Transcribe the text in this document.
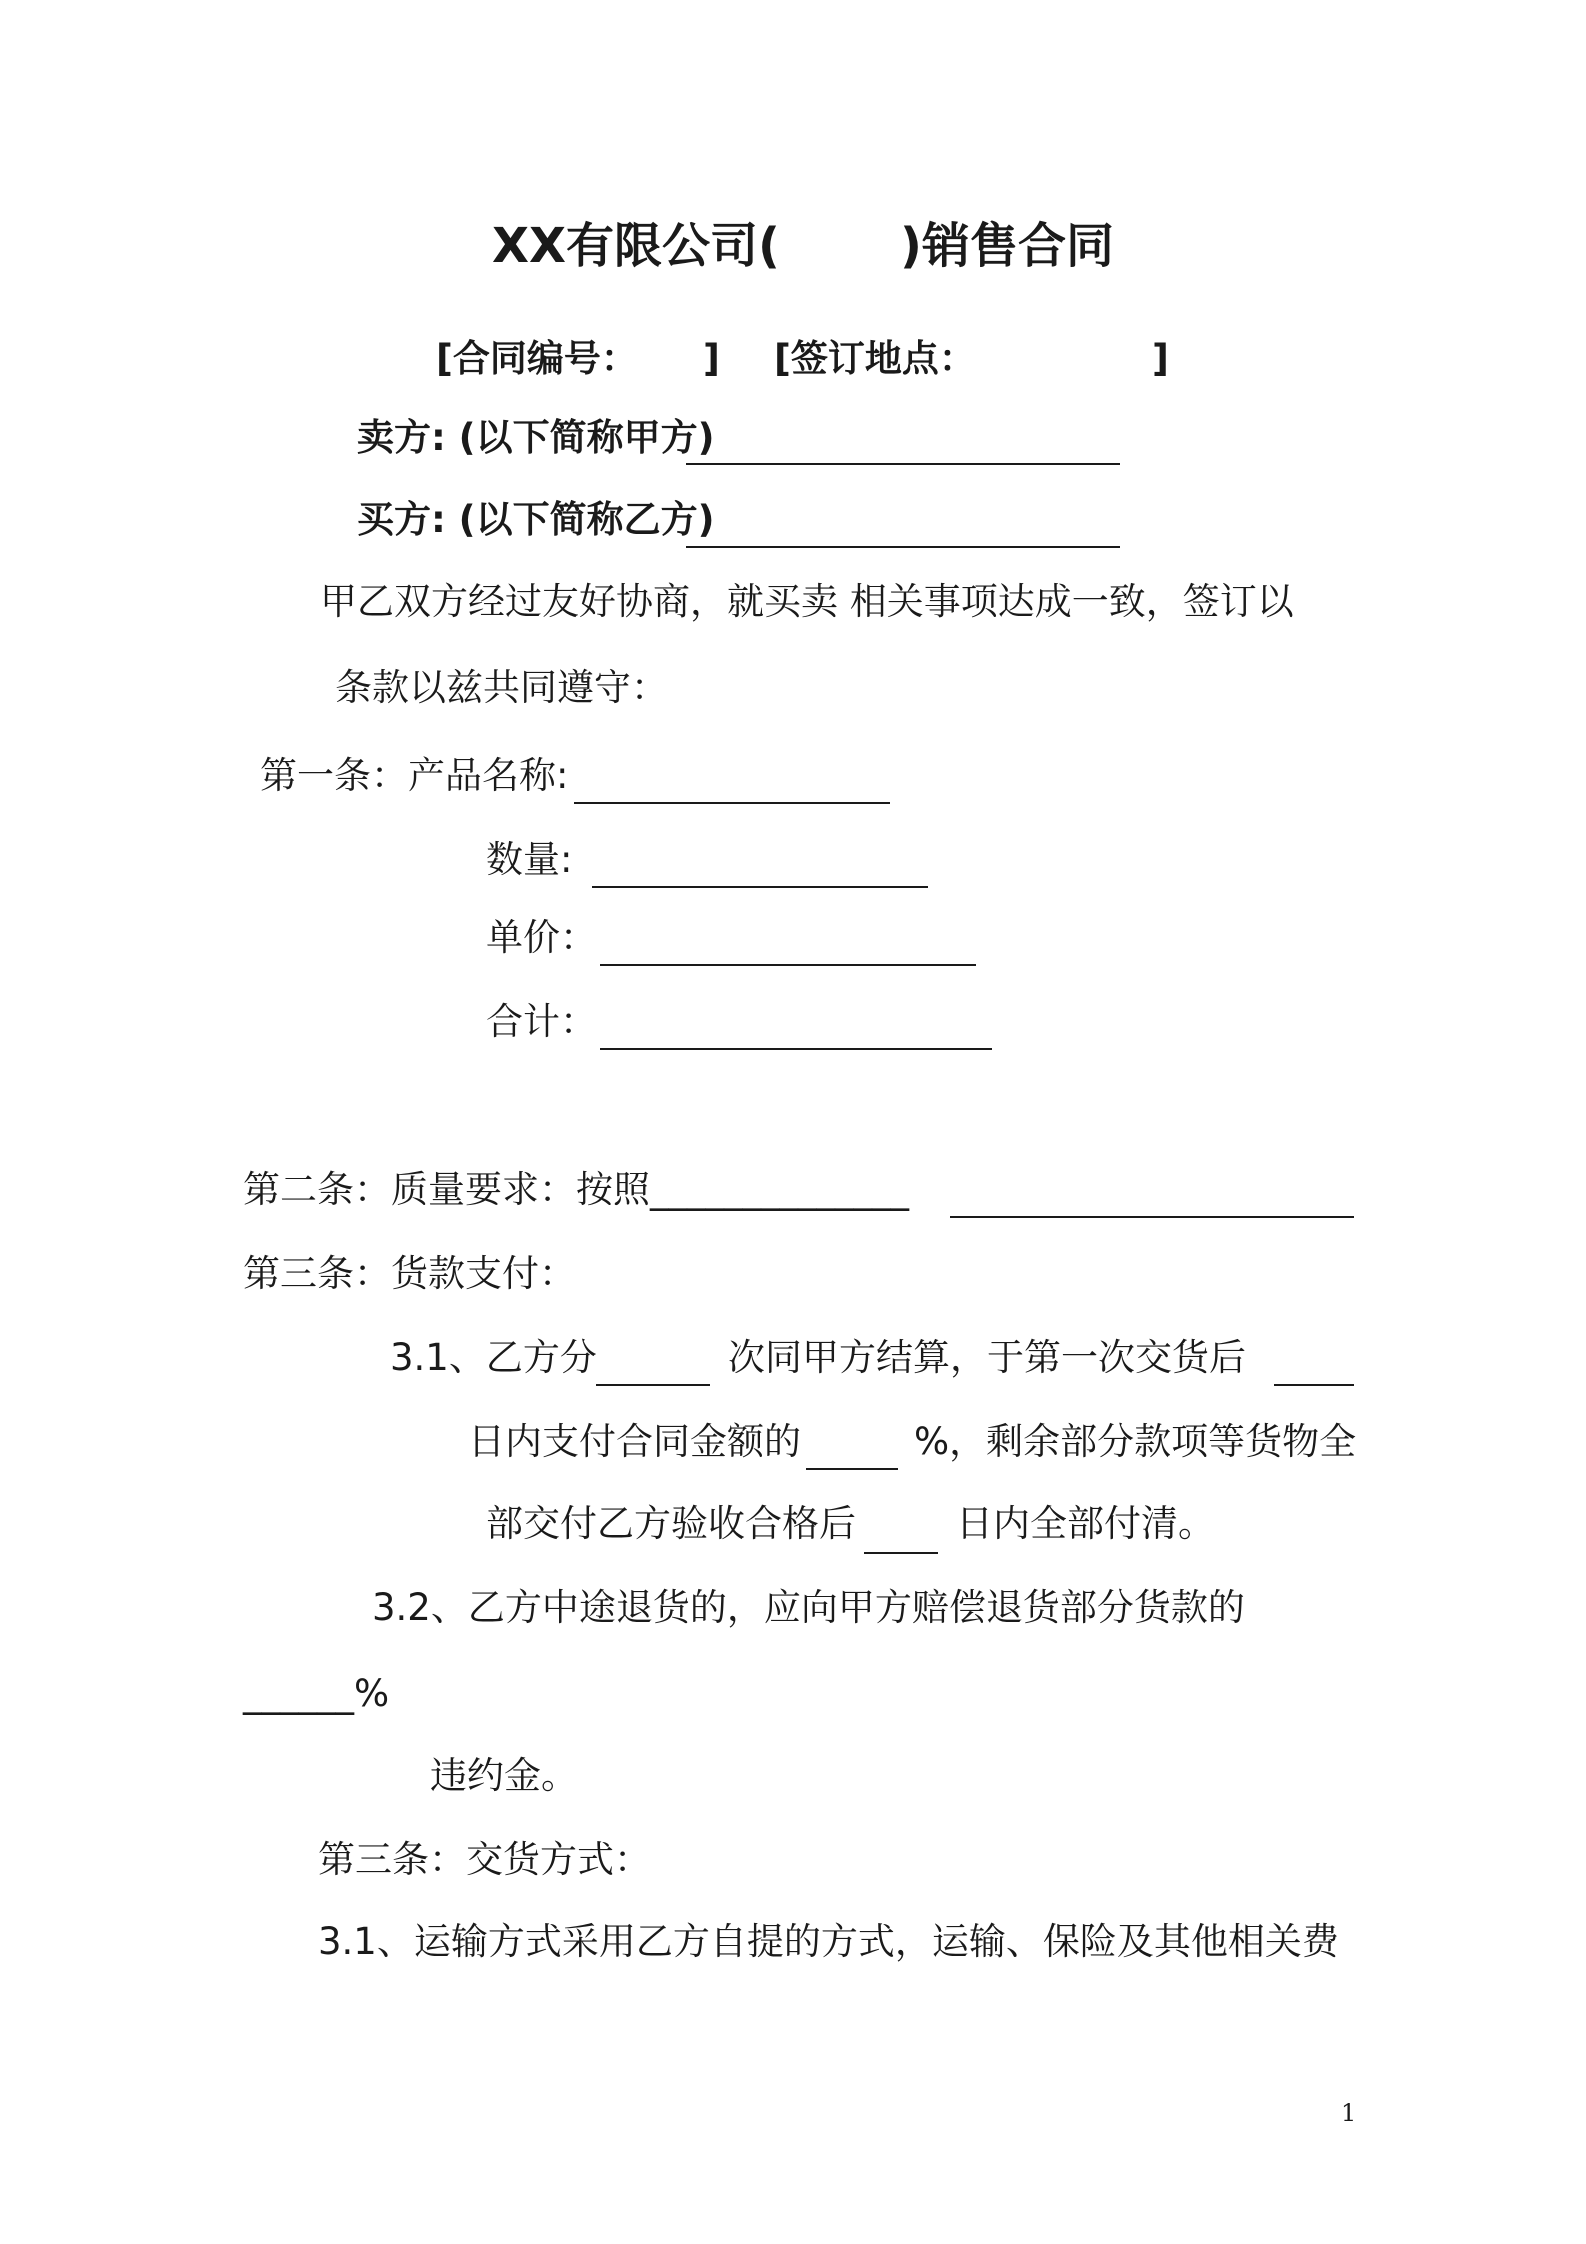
XX有限公司(	)销售合同
[合同编号： ] [签订地点：	]
卖方: (以下简称甲方)
买方: (以下简称乙方)
甲乙双方经过友好协商，就买卖 相关事项达成一致，签订以
条款以兹共同遵守：
第一条：产品名称:
数量:
单价：
合计：
第二条 ：质量要求：按照______________
第三条：货款支付：
3.1、乙方分	次同甲方结算，于第一次交货后
日内支付合同金额的	%，剩余部分款项等货物全
部交付乙方验收合格后	日内全部付清。
3.2、乙方中途退货的，应向甲方赔偿退货部分货款的
______%
违约金。
第三条：交货方式：
3.1、运输方式采用乙方自提的方式，运输、保险及其他相关费
1
